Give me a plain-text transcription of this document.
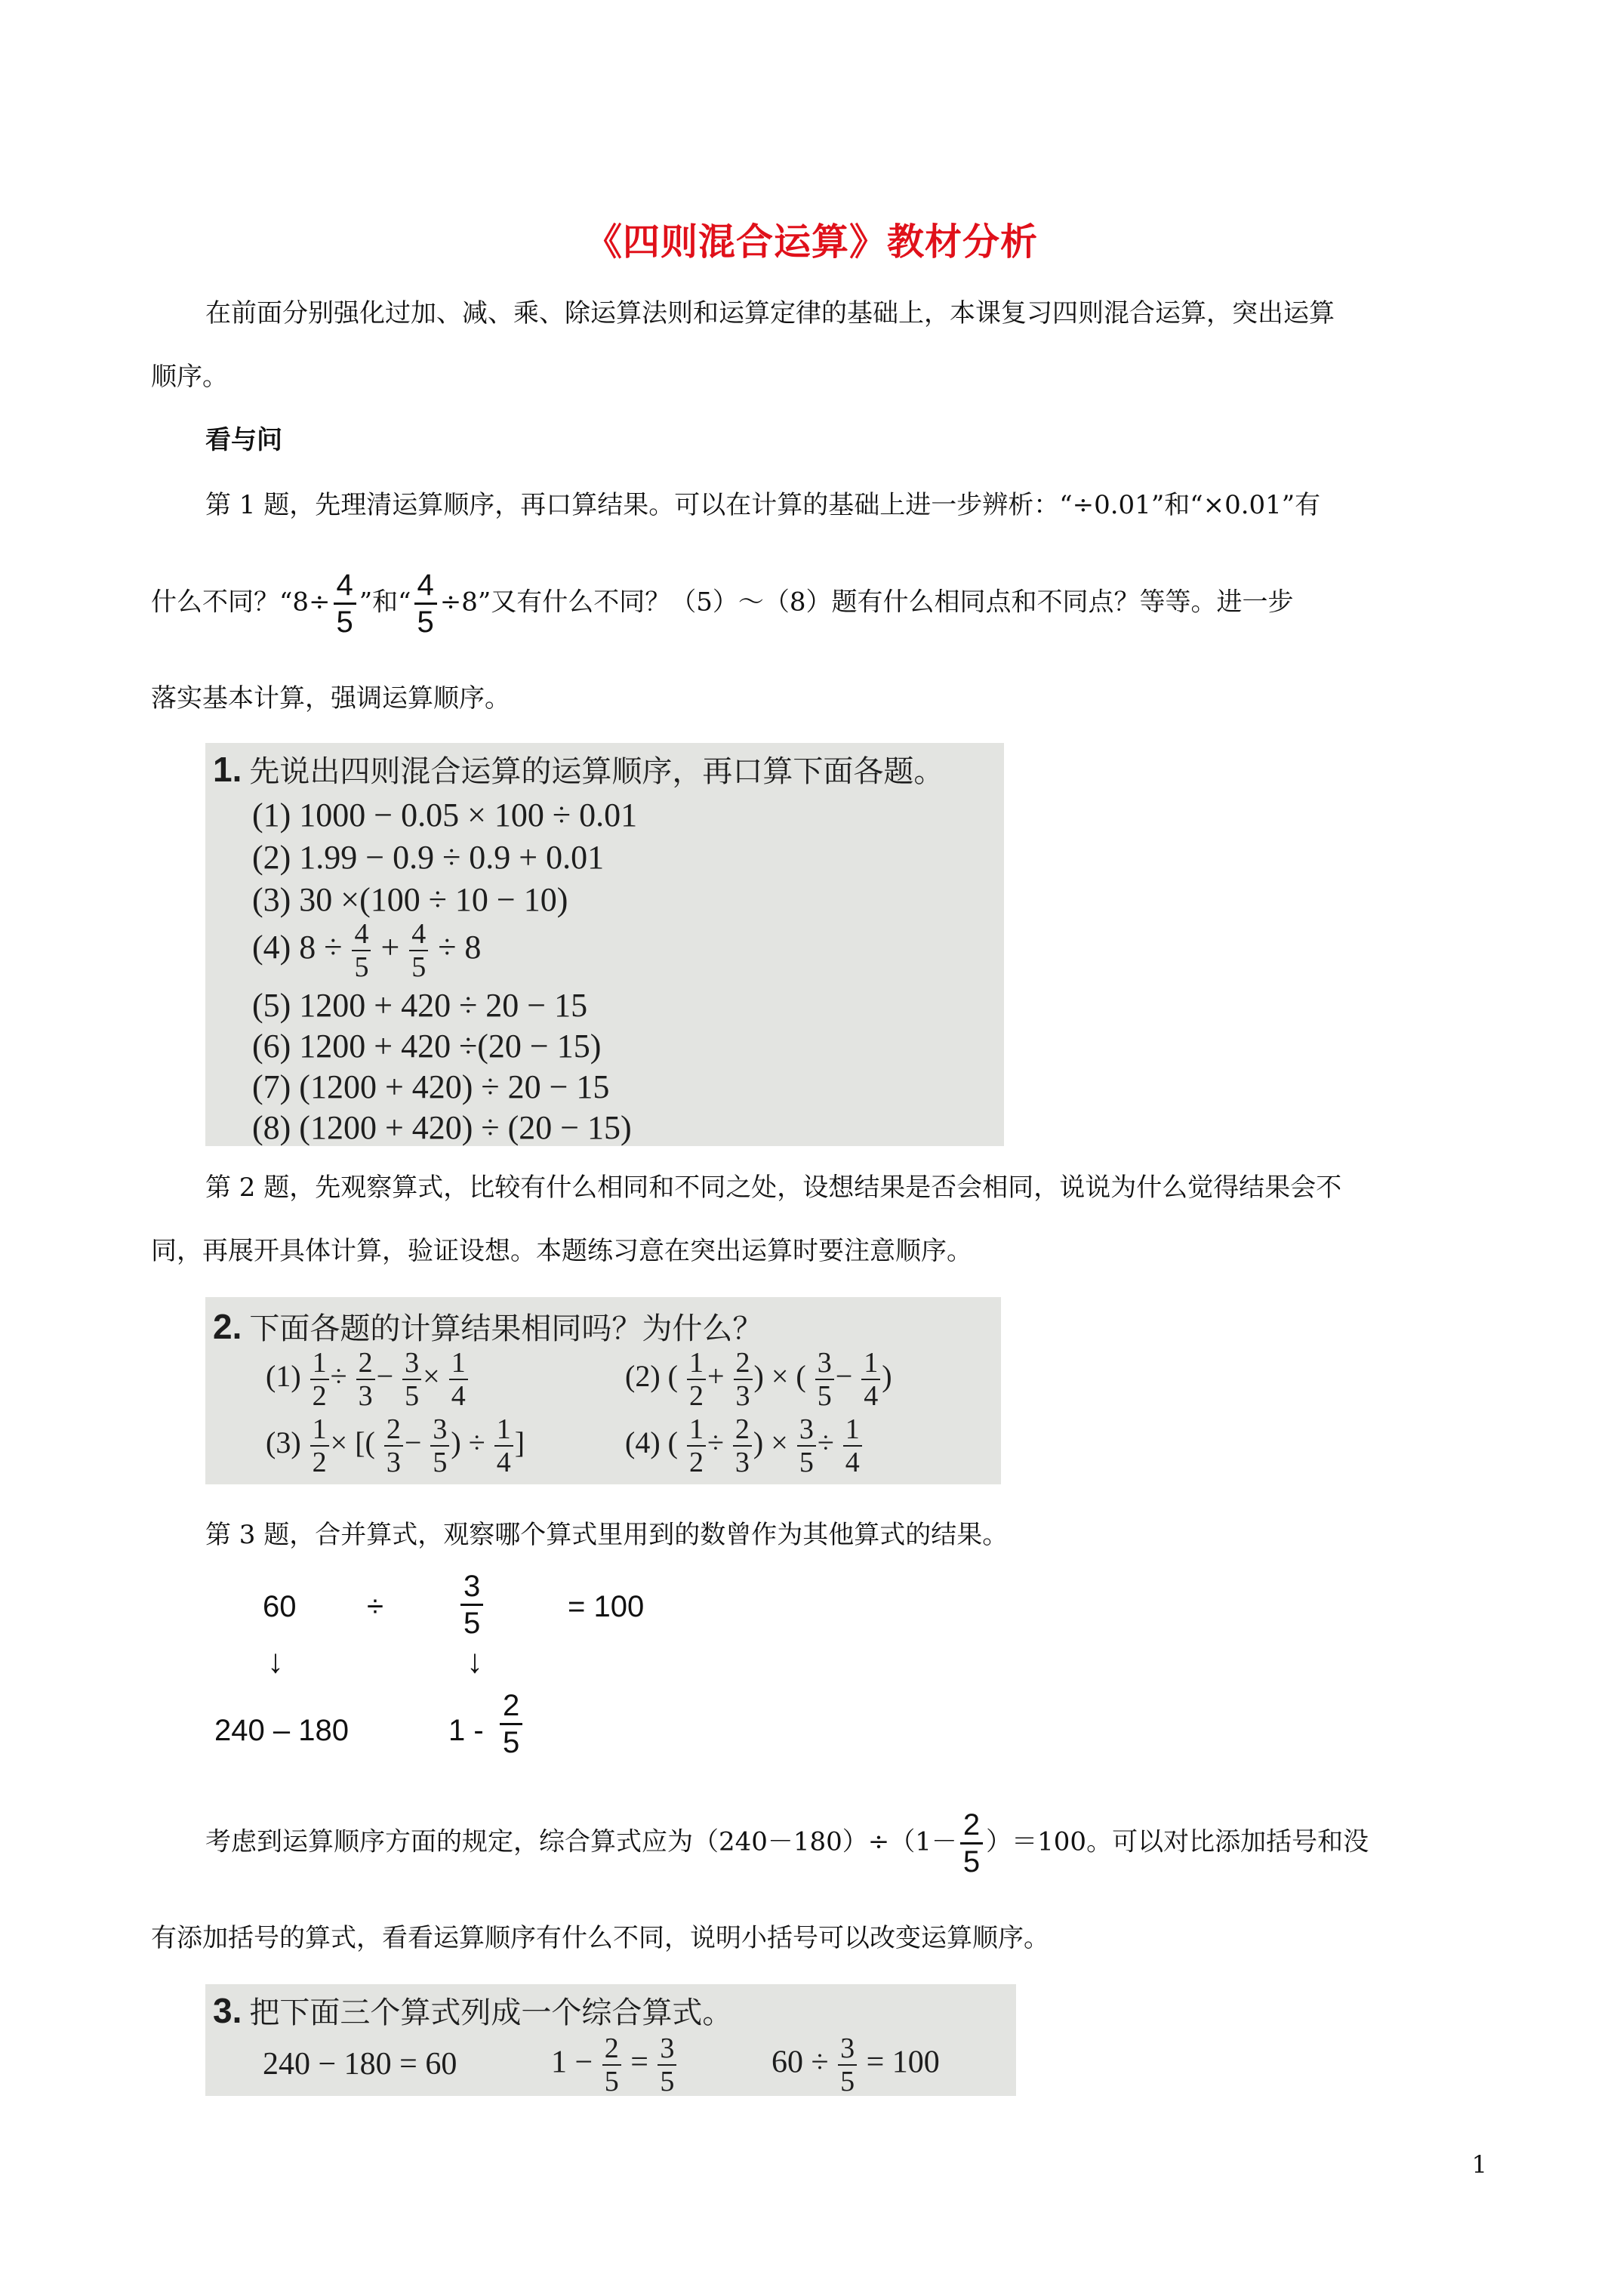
《四则混合运算》教材分析
在前面分别强化过加、减、乘、除运算法则和运算定律的基础上，本课复习四则混合运算，突出运算
顺序。
看与问
第 1 题，先理清运算顺序，再口算结果。可以在计算的基础上进一步辨析：“÷0.01”和“×0.01”有
什么不同？“$8\div \frac{4}{5}$ ”和“ $\frac{4}{5} \div 8$”又有什么不同？（5）～（8）题有什么相同点和不同点？等等。进一步
落实基本计算，强调运算顺序。
1. 先说出四则混合运算的运算顺序，再口算下面各题。
(1) 1000 − 0.05 × 100 ÷ 0.01
(2) 1.99 − 0.9 ÷ 0.9 + 0.01
(3) 30 ×(100 ÷ 10 − 10)
(4) $8 \div \frac{4}{5} + \frac{4}{5} \div 8$
(5) 1200 + 420 ÷ 20 − 15
(6) 1200 + 420 ÷(20 − 15)
(7) (1200 + 420) ÷ 20 − 15
(8) (1200 + 420) ÷ (20 − 15)
第 2 题，先观察算式，比较有什么相同和不同之处，设想结果是否会相同，说说为什么觉得结果会不
同，再展开具体计算，验证设想。本题练习意在突出运算时要注意顺序。
2. 下面各题的计算结果相同吗？为什么？
$(1) \frac{1}{2} \div \frac{2}{3} - \frac{3}{5} \times \frac{1}{4}$	(2) ( $\frac{1}{2} + \frac{2}{3}$ ) × ( $\frac{3}{5} - \frac{1}{4}$ )
$(3) \frac{1}{2}$ × [( $\frac{2}{3} - \frac{3}{5}$ ) ÷ $\frac{1}{4}$ ]	(4) ( $\frac{1}{2} \div \frac{2}{3}$ ) × $\frac{3}{5} \div \frac{1}{4}$
第 3 题，合并算式，观察哪个算式里用到的数曾作为其他算式的结果。
60 ÷	$\frac{3}{5}$	= 100
↓	↓
240 – 180	$1 - \frac{2}{5}$
考虑到运算顺序方面的规定，综合算式应为$(240-180)\div(1- \frac{2}{5} )=100$。可以对比添加括号和没
有添加括号的算式，看看运算顺序有什么不同，说明小括号可以改变运算顺序。
3. 把下面三个算式列成一个综合算式。
240 − 180 = 60	$1 - \frac{2}{5} = \frac{3}{5}$	$60 \div \frac{3}{5} = 100$
1
